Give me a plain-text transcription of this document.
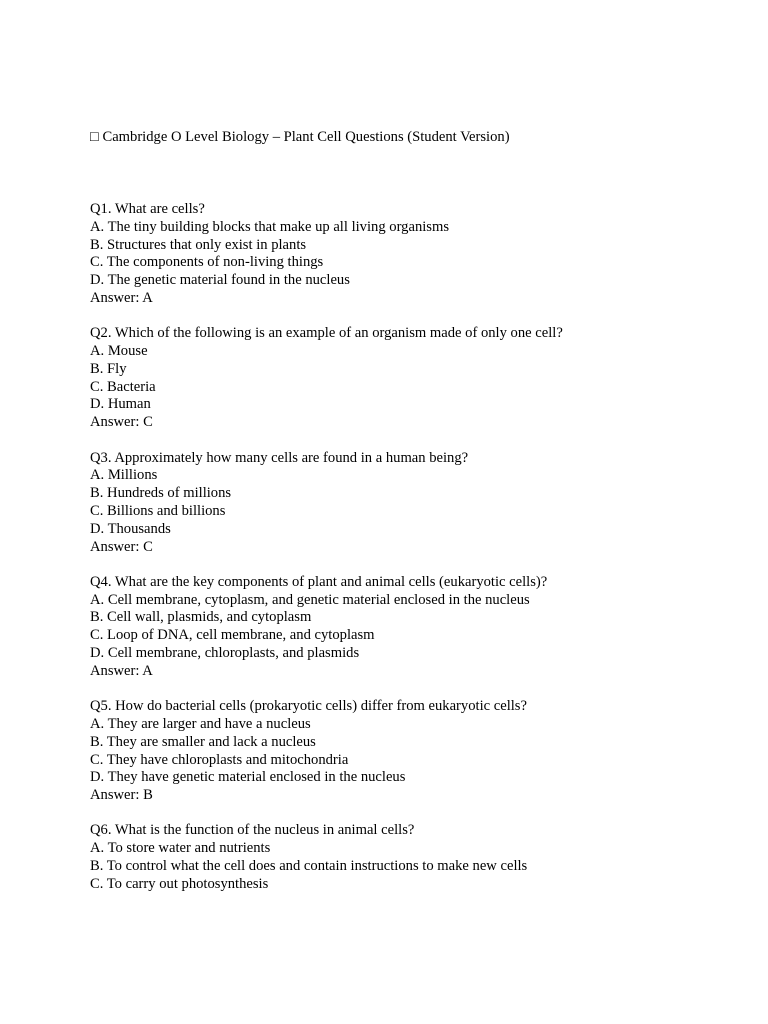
□ Cambridge O Level Biology – Plant Cell Questions (Student Version)
Q1. What are cells?
A. The tiny building blocks that make up all living organisms
B. Structures that only exist in plants
C. The components of non-living things
D. The genetic material found in the nucleus
Answer: A
Q2. Which of the following is an example of an organism made of only one cell?
A. Mouse
B. Fly
C. Bacteria
D. Human
Answer: C
Q3. Approximately how many cells are found in a human being?
A. Millions
B. Hundreds of millions
C. Billions and billions
D. Thousands
Answer: C
Q4. What are the key components of plant and animal cells (eukaryotic cells)?
A. Cell membrane, cytoplasm, and genetic material enclosed in the nucleus
B. Cell wall, plasmids, and cytoplasm
C. Loop of DNA, cell membrane, and cytoplasm
D. Cell membrane, chloroplasts, and plasmids
Answer: A
Q5. How do bacterial cells (prokaryotic cells) differ from eukaryotic cells?
A. They are larger and have a nucleus
B. They are smaller and lack a nucleus
C. They have chloroplasts and mitochondria
D. They have genetic material enclosed in the nucleus
Answer: B
Q6. What is the function of the nucleus in animal cells?
A. To store water and nutrients
B. To control what the cell does and contain instructions to make new cells
C. To carry out photosynthesis
